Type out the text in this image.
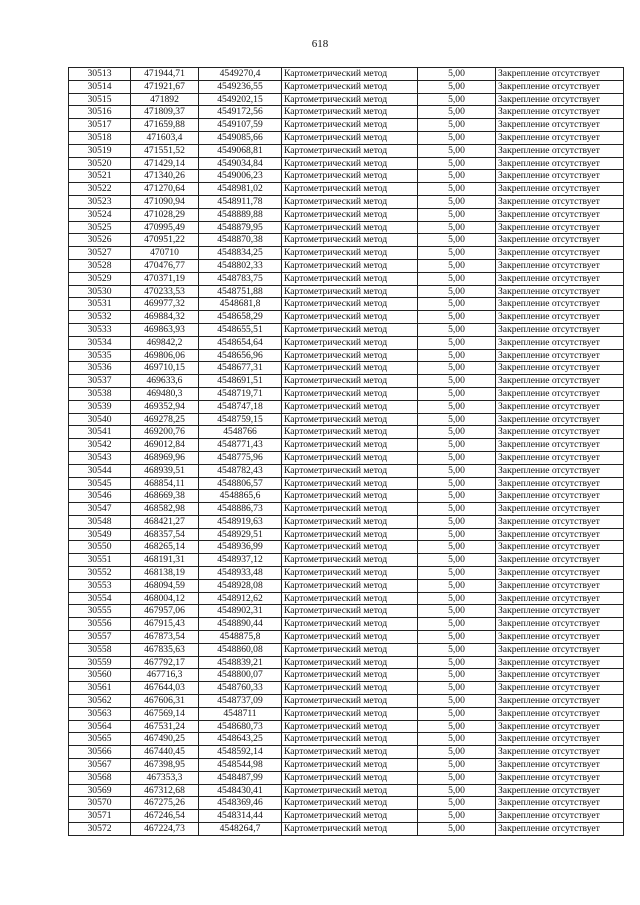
618
30513	471944,71	4549270,4	Картометрический метод	5,00	Закрепление отсутствует
30514	471921,67	4549236,55	Картометрический метод	5,00	Закрепление отсутствует
30515	471892	4549202,15	Картометрический метод	5,00	Закрепление отсутствует
30516	471809,37	4549172,56	Картометрический метод	5,00	Закрепление отсутствует
30517	471659,88	4549107,59	Картометрический метод	5,00	Закрепление отсутствует
30518	471603,4	4549085,66	Картометрический метод	5,00	Закрепление отсутствует
30519	471551,52	4549068,81	Картометрический метод	5,00	Закрепление отсутствует
30520	471429,14	4549034,84	Картометрический метод	5,00	Закрепление отсутствует
30521	471340,26	4549006,23	Картометрический метод	5,00	Закрепление отсутствует
30522	471270,64	4548981,02	Картометрический метод	5,00	Закрепление отсутствует
30523	471090,94	4548911,78	Картометрический метод	5,00	Закрепление отсутствует
30524	471028,29	4548889,88	Картометрический метод	5,00	Закрепление отсутствует
30525	470995,49	4548879,95	Картометрический метод	5,00	Закрепление отсутствует
30526	470951,22	4548870,38	Картометрический метод	5,00	Закрепление отсутствует
30527	470710	4548834,25	Картометрический метод	5,00	Закрепление отсутствует
30528	470476,77	4548802,33	Картометрический метод	5,00	Закрепление отсутствует
30529	470371,19	4548783,75	Картометрический метод	5,00	Закрепление отсутствует
30530	470233,53	4548751,88	Картометрический метод	5,00	Закрепление отсутствует
30531	469977,32	4548681,8	Картометрический метод	5,00	Закрепление отсутствует
30532	469884,32	4548658,29	Картометрический метод	5,00	Закрепление отсутствует
30533	469863,93	4548655,51	Картометрический метод	5,00	Закрепление отсутствует
30534	469842,2	4548654,64	Картометрический метод	5,00	Закрепление отсутствует
30535	469806,06	4548656,96	Картометрический метод	5,00	Закрепление отсутствует
30536	469710,15	4548677,31	Картометрический метод	5,00	Закрепление отсутствует
30537	469633,6	4548691,51	Картометрический метод	5,00	Закрепление отсутствует
30538	469480,3	4548719,71	Картометрический метод	5,00	Закрепление отсутствует
30539	469352,94	4548747,18	Картометрический метод	5,00	Закрепление отсутствует
30540	469278,25	4548759,15	Картометрический метод	5,00	Закрепление отсутствует
30541	469200,76	4548766	Картометрический метод	5,00	Закрепление отсутствует
30542	469012,84	4548771,43	Картометрический метод	5,00	Закрепление отсутствует
30543	468969,96	4548775,96	Картометрический метод	5,00	Закрепление отсутствует
30544	468939,51	4548782,43	Картометрический метод	5,00	Закрепление отсутствует
30545	468854,11	4548806,57	Картометрический метод	5,00	Закрепление отсутствует
30546	468669,38	4548865,6	Картометрический метод	5,00	Закрепление отсутствует
30547	468582,98	4548886,73	Картометрический метод	5,00	Закрепление отсутствует
30548	468421,27	4548919,63	Картометрический метод	5,00	Закрепление отсутствует
30549	468357,54	4548929,51	Картометрический метод	5,00	Закрепление отсутствует
30550	468265,14	4548936,99	Картометрический метод	5,00	Закрепление отсутствует
30551	468191,31	4548937,12	Картометрический метод	5,00	Закрепление отсутствует
30552	468138,19	4548933,48	Картометрический метод	5,00	Закрепление отсутствует
30553	468094,59	4548928,08	Картометрический метод	5,00	Закрепление отсутствует
30554	468004,12	4548912,62	Картометрический метод	5,00	Закрепление отсутствует
30555	467957,06	4548902,31	Картометрический метод	5,00	Закрепление отсутствует
30556	467915,43	4548890,44	Картометрический метод	5,00	Закрепление отсутствует
30557	467873,54	4548875,8	Картометрический метод	5,00	Закрепление отсутствует
30558	467835,63	4548860,08	Картометрический метод	5,00	Закрепление отсутствует
30559	467792,17	4548839,21	Картометрический метод	5,00	Закрепление отсутствует
30560	467716,3	4548800,07	Картометрический метод	5,00	Закрепление отсутствует
30561	467644,03	4548760,33	Картометрический метод	5,00	Закрепление отсутствует
30562	467606,31	4548737,09	Картометрический метод	5,00	Закрепление отсутствует
30563	467569,14	4548711	Картометрический метод	5,00	Закрепление отсутствует
30564	467531,24	4548680,73	Картометрический метод	5,00	Закрепление отсутствует
30565	467490,25	4548643,25	Картометрический метод	5,00	Закрепление отсутствует
30566	467440,45	4548592,14	Картометрический метод	5,00	Закрепление отсутствует
30567	467398,95	4548544,98	Картометрический метод	5,00	Закрепление отсутствует
30568	467353,3	4548487,99	Картометрический метод	5,00	Закрепление отсутствует
30569	467312,68	4548430,41	Картометрический метод	5,00	Закрепление отсутствует
30570	467275,26	4548369,46	Картометрический метод	5,00	Закрепление отсутствует
30571	467246,54	4548314,44	Картометрический метод	5,00	Закрепление отсутствует
30572	467224,73	4548264,7	Картометрический метод	5,00	Закрепление отсутствует
